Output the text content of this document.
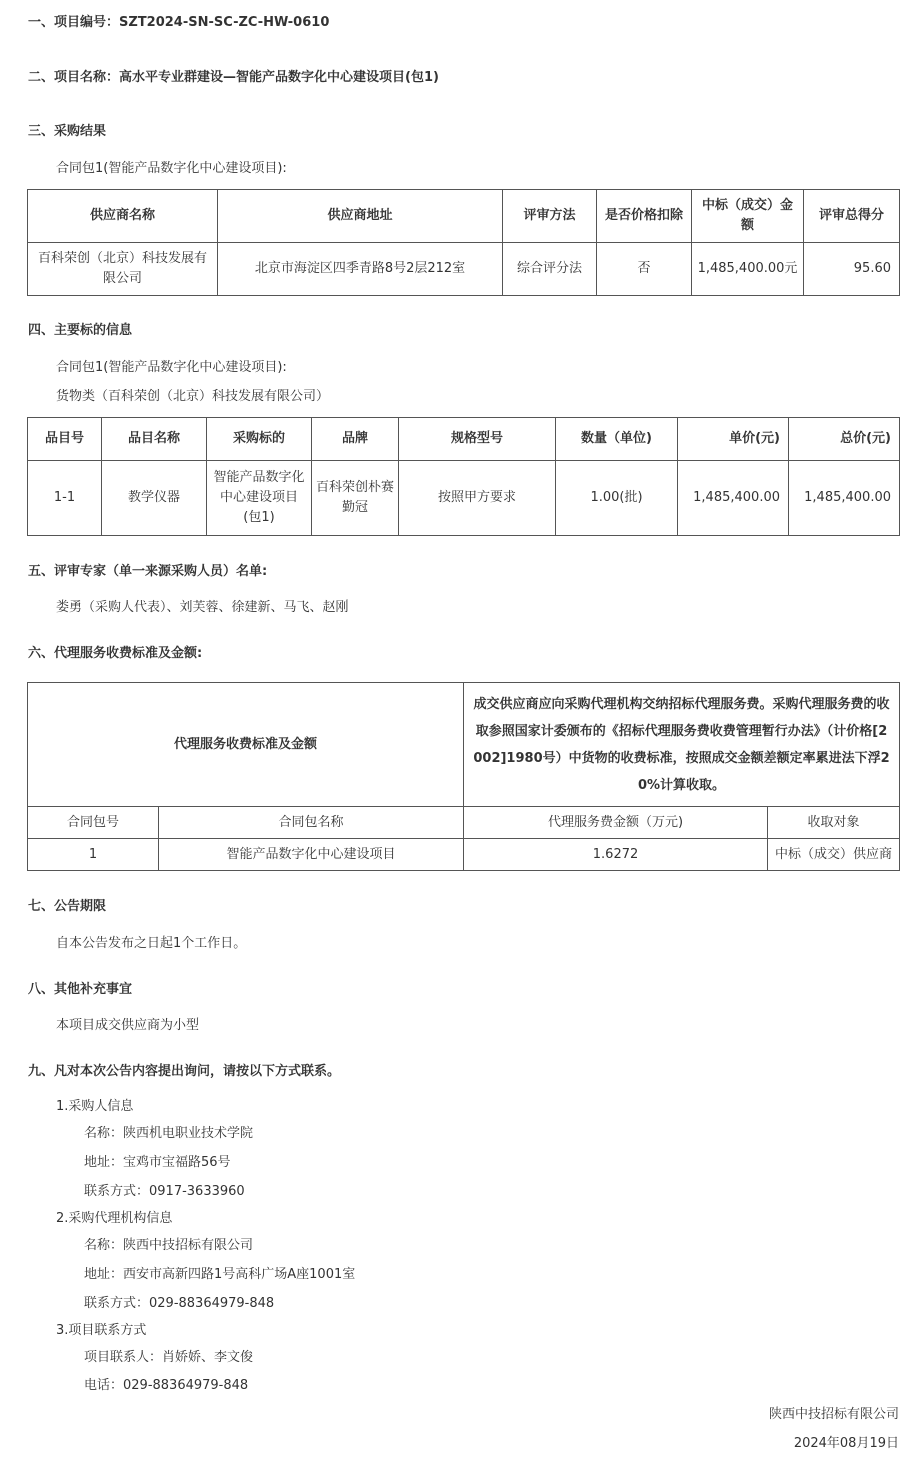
一、项目编号：SZT2024-SN-SC-ZC-HW-0610
二、项目名称：高水平专业群建设—智能产品数字化中心建设项目(包1)
三、采购结果
合同包1(智能产品数字化中心建设项目):
供应商名称	供应商地址	评审方法	是否价格扣除	中标（成交）金额	评审总得分
百科荣创（北京）科技发展有限公司	北京市海淀区四季青路8号2层212室	综合评分法	否	1,485,400.00元	95.60
四、主要标的信息
合同包1(智能产品数字化中心建设项目):
货物类（百科荣创（北京）科技发展有限公司）
品目号	品目名称	采购标的	品牌	规格型号	数量（单位)	单价(元)	总价(元)
1-1	教学仪器	智能产品数字化中心建设项目(包1)	百科荣创朴赛勤冠	按照甲方要求	1.00(批)	1,485,400.00	1,485,400.00
五、评审专家（单一来源采购人员）名单:
娄勇（采购人代表）、刘芙蓉、徐建新、马飞、赵刚
六、代理服务收费标准及金额:
代理服务收费标准及金额		成交供应商应向采购代理机构交纳招标代理服务费。采购代理服务费的收取参照国家计委颁布的《招标代理服务费收费管理暂行办法》（计价格[2002]1980号）中货物的收费标准，按照成交金额差额定率累进法下浮20%计算收取。	
合同包号	合同包名称	代理服务费金额（万元)	收取对象
1	智能产品数字化中心建设项目	1.6272	中标（成交）供应商
七、公告期限
自本公告发布之日起1个工作日。
八、其他补充事宜
本项目成交供应商为小型
九、凡对本次公告内容提出询问，请按以下方式联系。
1.采购人信息
名称：陕西机电职业技术学院
地址：宝鸡市宝福路56号
联系方式：0917-3633960
2.采购代理机构信息
名称：陕西中技招标有限公司
地址：西安市高新四路1号高科广场A座1001室
联系方式：029-88364979-848
3.项目联系方式
项目联系人：肖娇娇、李文俊
电话：029-88364979-848
陕西中技招标有限公司
2024年08月19日
